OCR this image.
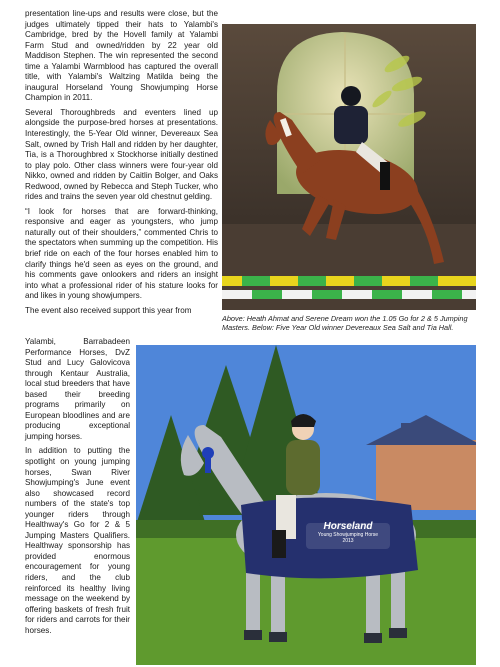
presentation line-ups and results were close, but the judges ultimately tipped their hats to Yalambi's Cambridge, bred by the Hovell family at Yalambi Farm Stud and owned/ridden by 22 year old Maddison Stephen. The win represented the second time a Yalambi Warmblood has captured the overall title, with Yalambi's Waltzing Matilda being the inaugural Horseland Young Showjumping Horse Champion in 2011.

Several Thoroughbreds and eventers lined up alongside the purpose-bred horses at presentations. Interestingly, the 5-Year Old winner, Devereaux Sea Salt, owned by Trish Hall and ridden by her daughter, Tia, is a Thoroughbred x Stockhorse initially destined to play polo. Other class winners were four-year old Nikko, owned and ridden by Caitlin Bolger, and Oaks Redwood, owned by Rebecca and Steph Tucker, who rides and trains the seven year old chestnut gelding.

“I look for horses that are forward-thinking, responsive and eager as youngsters, who jump naturally out of their shoulders,” commented Chris to the spectators when summing up the competition. His brief ride on each of the four horses enabled him to clarify things he'd seen as eyes on the ground, and his comments gave onlookers and riders an insight into what a professional rider of his stature looks for and likes in young showjumpers.

The event also received support this year from

Yalambi, Barrabadeen Performance Horses, DvZ Stud and Lucy Galovicova through Kentaur Australia, local stud breeders that have based their breeding programs primarily on European bloodlines and are producing exceptional jumping horses.

In addition to putting the spotlight on young jumping horses, Swan River Showjumping's June event also showcased record numbers of the state's top younger riders through Healthway's Go for 2 & 5 Jumping Masters Qualifiers. Healthway sponsorship has provided enormous encouragement for young riders, and the club reinforced its healthy living message on the weekend by offering baskets of fresh fruit for riders and carrots for their horses.

Above: Heath Ahmat and Serene Dream won the 1.05 Go for 2 & 5 Jumping Masters. Below: Five Year Old winner Devereaux Sea Salt and Tia Hall.
Horseland
Young Showjumping Horse
2013
